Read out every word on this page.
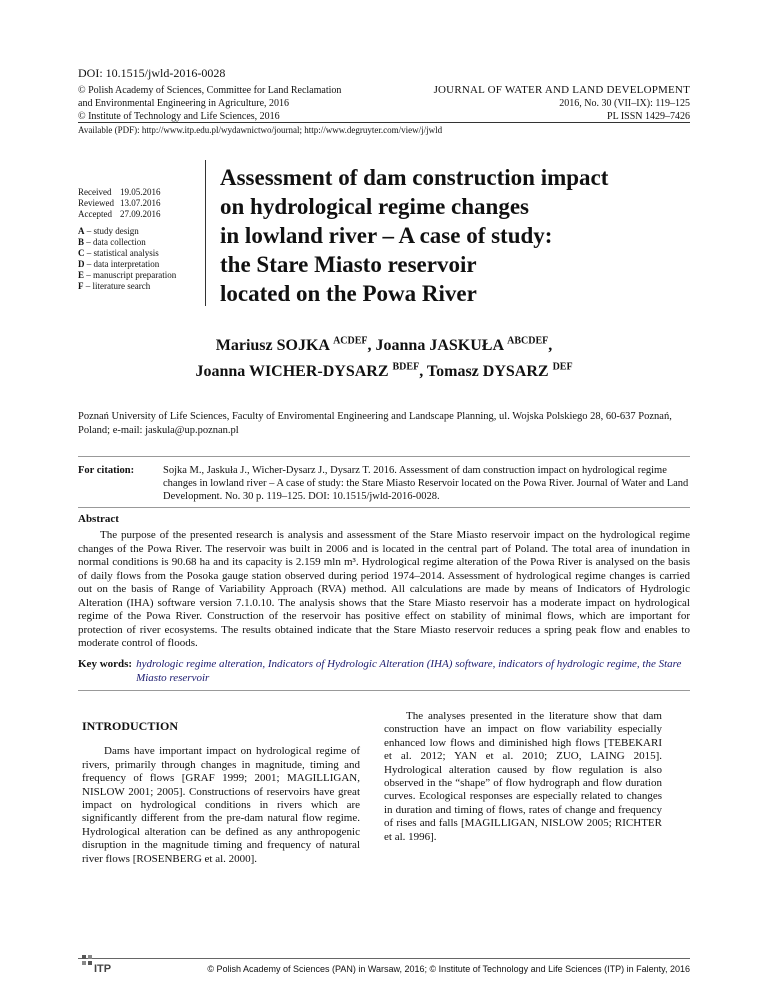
DOI: 10.1515/jwld-2016-0028
© Polish Academy of Sciences, Committee for Land Reclamation
and Environmental Engineering in Agriculture, 2016
© Institute of Technology and Life Sciences, 2016
JOURNAL OF WATER AND LAND DEVELOPMENT
2016, No. 30 (VII–IX): 119–125
PL ISSN 1429–7426
Available (PDF): http://www.itp.edu.pl/wydawnictwo/journal; http://www.degruyter.com/view/j/jwld
Received 19.05.2016
Reviewed 13.07.2016
Accepted 27.09.2016
A – study design
B – data collection
C – statistical analysis
D – data interpretation
E – manuscript preparation
F – literature search
Assessment of dam construction impact
on hydrological regime changes
in lowland river – A case of study:
the Stare Miasto reservoir
located on the Powa River
Mariusz SOJKA $^{ACDEF}$, Joanna JASKUŁA $^{ABCDEF}$,
Joanna WICHER-DYSARZ $^{BDEF}$, Tomasz DYSARZ $^{DEF}$
Poznań University of Life Sciences, Faculty of Enviromental Engineering and Landscape Planning, ul. Wojska Polskiego 28, 60-637 Poznań, Poland; e-mail: jaskula@up.poznan.pl
For citation:	Sojka M., Jaskuła J., Wicher-Dysarz J., Dysarz T. 2016. Assessment of dam construction impact on hydrological regime changes in lowland river – A case of study: the Stare Miasto Reservoir located on the Powa River. Journal of Water and Land Development. No. 30 p. 119–125. DOI: 10.1515/jwld-2016-0028.
Abstract
The purpose of the presented research is analysis and assessment of the Stare Miasto reservoir impact on the hydrological regime changes of the Powa River. The reservoir was built in 2006 and is located in the central part of Poland. The total area of inundation in normal conditions is 90.68 ha and its capacity is 2.159 mln m³. Hydrological regime alteration of the Powa River is analysed on the basis of daily flows from the Posoka gauge station observed during period 1974–2014. Assessment of hydrological regime changes is carried out on the basis of Range of Variability Approach (RVA) method. All calculations are made by means of Indicators of Hydrologic Alteration (IHA) software version 7.1.0.10. The analysis shows that the Stare Miasto reservoir has a moderate impact on hydrological regime of the Powa River. Construction of the reservoir has positive effect on stability of minimal flows, which are important for protection of river ecosystems. The results obtained indicate that the Stare Miasto reservoir reduces a spring peak flow and enables to moderate control of floods.
Key words: hydrologic regime alteration, Indicators of Hydrologic Alteration (IHA) software, indicators of hydrologic regime, the Stare Miasto reservoir
INTRODUCTION

Dams have important impact on hydrological regime of rivers, primarily through changes in magnitude, timing and frequency of flows [GRAF 1999; 2001; MAGILLIGAN, NISLOW 2001; 2005]. Constructions of reservoirs have great impact on hydrological conditions in rivers which are significantly different from the pre-dam natural flow regime. Hydrological alteration can be defined as any anthropogenic disruption in the magnitude timing and frequency of natural river flows [ROSENBERG et al. 2000].

The analyses presented in the literature show that dam construction have an impact on flow variability especially enhanced low flows and diminished high flows [TEBEKARI et al. 2012; YAN et al. 2010; ZUO, LAING 2015]. Hydrological alteration caused by flow regulation is also observed in the “shape” of flow hydrograph and flow duration curves. Ecological responses are especially related to changes in duration and timing of flows, rates of change and frequency of rises and falls [MAGILLIGAN, NISLOW 2005; RICHTER et al. 1996].

ITP	© Polish Academy of Sciences (PAN) in Warsaw, 2016; © Institute of Technology and Life Sciences (ITP) in Falenty, 2016
